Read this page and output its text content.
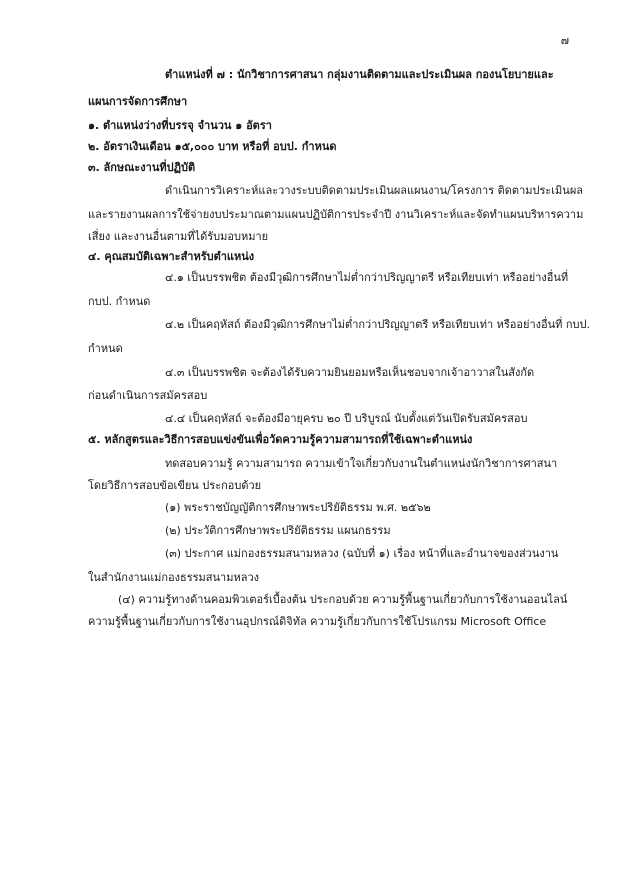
๗
ตำแหน่งที่ ๗ : นักวิชาการศาสนา กลุ่มงานติดตามและประเมินผล กองนโยบายและ
แผนการจัดการศึกษา
๑. ตำแหน่งว่างที่บรรจุ จำนวน ๑ อัตรา
๒. อัตราเงินเดือน ๑๕,๐๐๐ บาท หรือที่ อบป. กำหนด
๓. ลักษณะงานที่ปฏิบัติ
ดำเนินการวิเคราะห์และวางระบบติดตามประเมินผลแผนงาน/โครงการ ติดตามประเมินผล
และรายงานผลการใช้จ่ายงบประมาณตามแผนปฏิบัติการประจำปี งานวิเคราะห์และจัดทำแผนบริหารความ
เสี่ยง และงานอื่นตามที่ได้รับมอบหมาย
๔. คุณสมบัติเฉพาะสำหรับตำแหน่ง
๔.๑ เป็นบรรพชิต ต้องมีวุฒิการศึกษาไม่ต่ำกว่าปริญญาตรี หรือเทียบเท่า หรืออย่างอื่นที่
กบป. กำหนด
๔.๒ เป็นคฤหัสถ์ ต้องมีวุฒิการศึกษาไม่ต่ำกว่าปริญญาตรี หรือเทียบเท่า หรืออย่างอื่นที่ กบป.
กำหนด
๔.๓ เป็นบรรพชิต จะต้องได้รับความยินยอมหรือเห็นชอบจากเจ้าอาวาสในสังกัด
ก่อนดำเนินการสมัครสอบ
๔.๔ เป็นคฤหัสถ์ จะต้องมีอายุครบ ๒๐ ปี บริบูรณ์ นับตั้งแต่วันเปิดรับสมัครสอบ
๕. หลักสูตรและวิธีการสอบแข่งขันเพื่อวัดความรู้ความสามารถที่ใช้เฉพาะตำแหน่ง
ทดสอบความรู้ ความสามารถ ความเข้าใจเกี่ยวกับงานในตำแหน่งนักวิชาการศาสนา
โดยวิธีการสอบข้อเขียน ประกอบด้วย
(๑) พระราชบัญญัติการศึกษาพระปริยัติธรรม พ.ศ. ๒๕๖๒
(๒) ประวัติการศึกษาพระปริยัติธรรม แผนกธรรม
(๓) ประกาศ แม่กองธรรมสนามหลวง (ฉบับที่ ๑) เรื่อง หน้าที่และอำนาจของส่วนงาน
ในสำนักงานแม่กองธรรมสนามหลวง
(๔) ความรู้ทางด้านคอมพิวเตอร์เบื้องต้น ประกอบด้วย ความรู้พื้นฐานเกี่ยวกับการใช้งานออนไลน์
ความรู้พื้นฐานเกี่ยวกับการใช้งานอุปกรณ์ดิจิทัล ความรู้เกี่ยวกับการใช้โปรแกรม Microsoft Office
